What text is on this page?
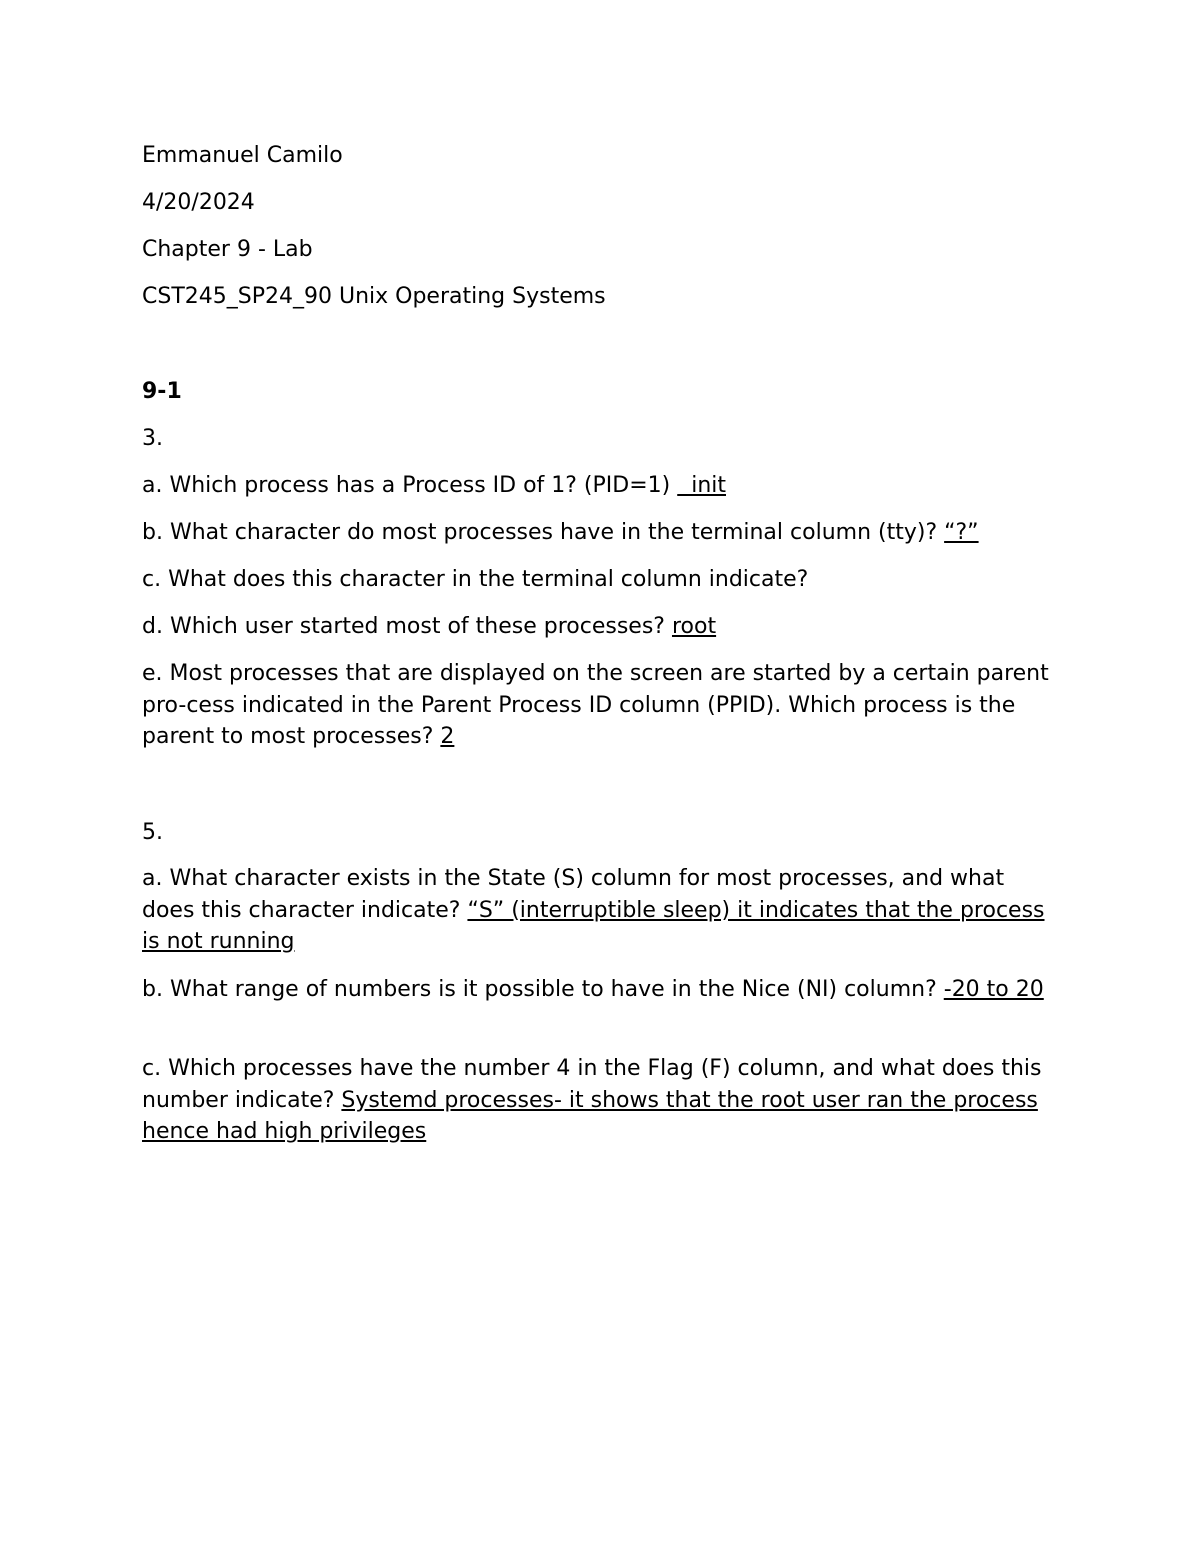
Emmanuel Camilo
4/20/2024
Chapter 9 - Lab
CST245_SP24_90 Unix Operating Systems
9-1
3.
a. Which process has a Process ID of 1? (PID=1)   init
b. What character do most processes have in the terminal column (tty)? “?”
c. What does this character in the terminal column indicate?
d. Which user started most of these processes? root
e. Most processes that are displayed on the screen are started by a certain parent pro-cess indicated in the Parent Process ID column (PPID). Which process is the parent to most processes? 2
5.
a. What character exists in the State (S) column for most processes, and what does this character indicate? “S” (interruptible sleep) it indicates that the process is not running
b. What range of numbers is it possible to have in the Nice (NI) column? -20 to 20
c. Which processes have the number 4 in the Flag (F) column, and what does this number indicate? Systemd processes- it shows that the root user ran the process hence had high privileges
